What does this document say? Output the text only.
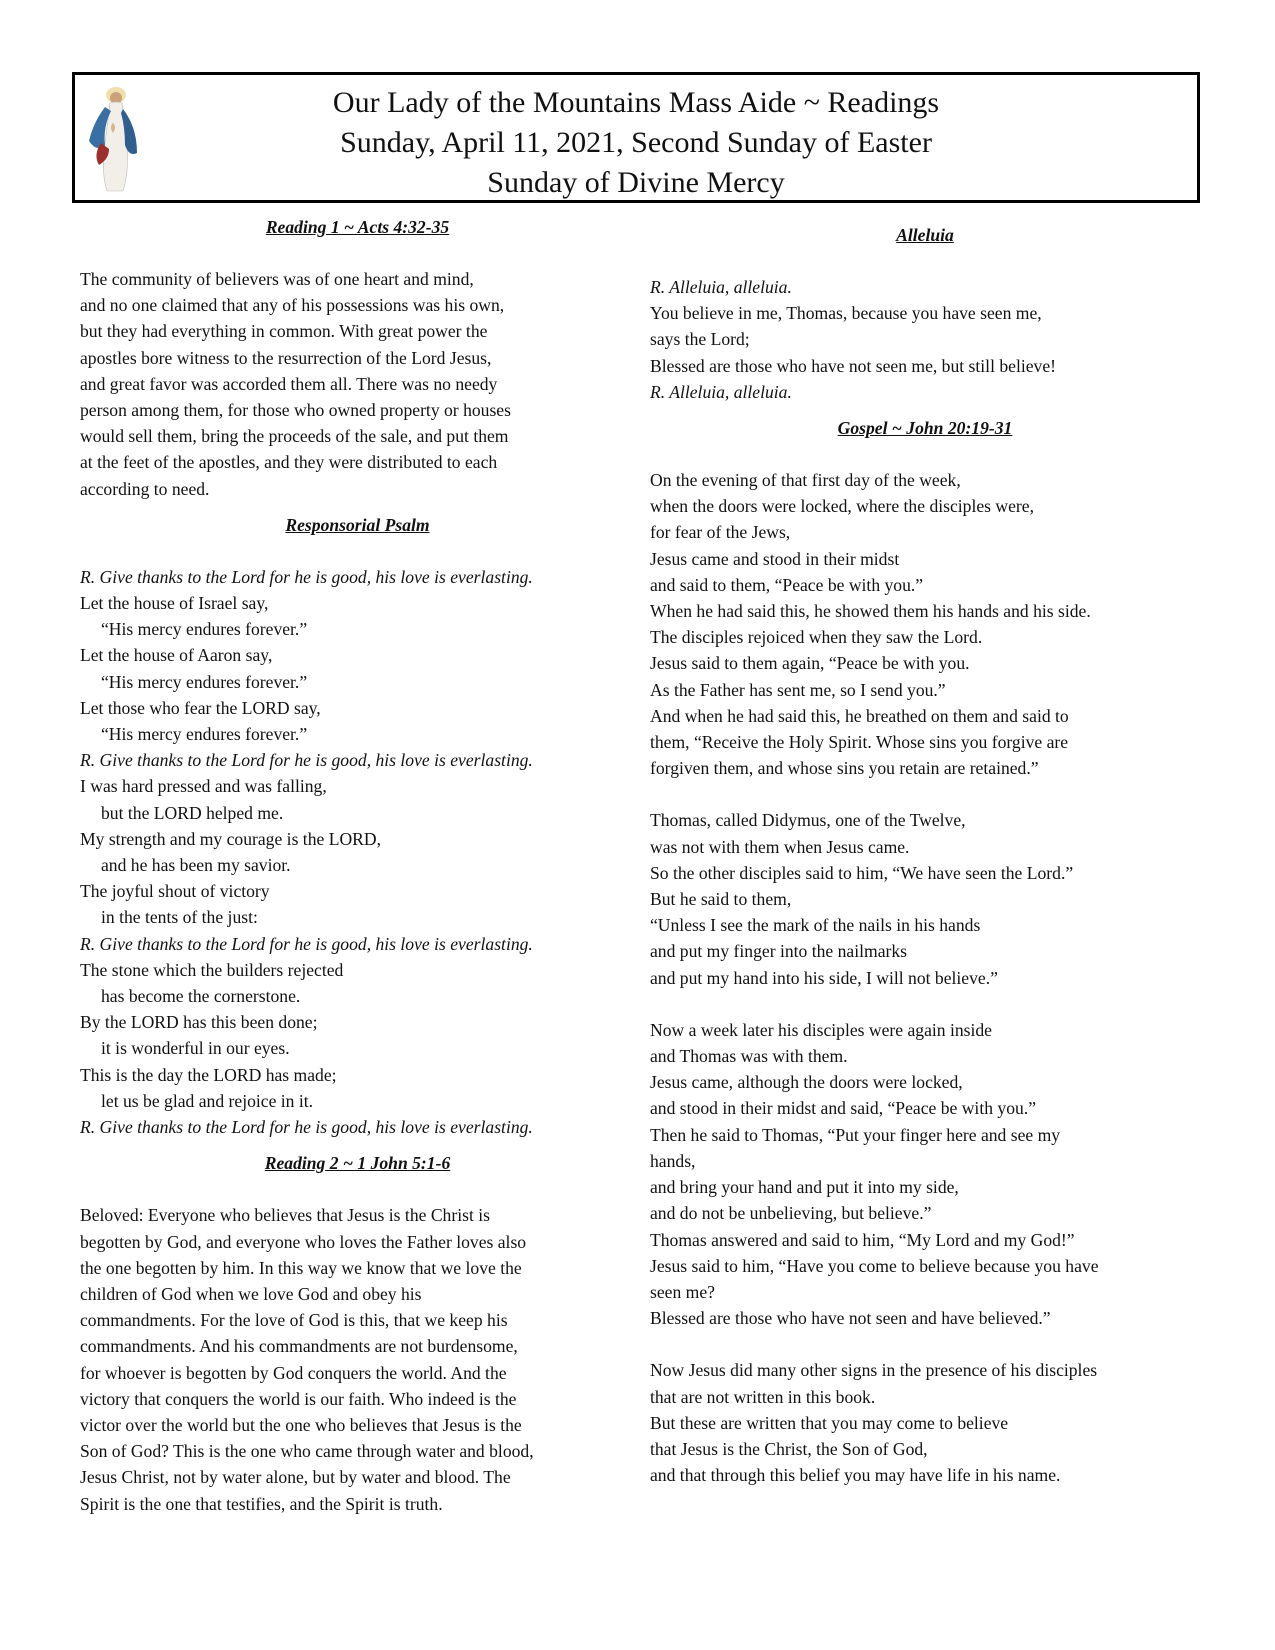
Our Lady of the Mountains Mass Aide ~ Readings
Sunday, April 11, 2021, Second Sunday of Easter
Sunday of Divine Mercy
Reading 1 ~ Acts 4:32-35
The community of believers was of one heart and mind,
and no one claimed that any of his possessions was his own,
but they had everything in common. With great power the
apostles bore witness to the resurrection of the Lord Jesus,
and great favor was accorded them all. There was no needy
person among them, for those who owned property or houses
would sell them, bring the proceeds of the sale, and put them
at the feet of the apostles, and they were distributed to each
according to need.
Responsorial Psalm
R. Give thanks to the Lord for he is good, his love is everlasting.
Let the house of Israel say,
“His mercy endures forever.”
Let the house of Aaron say,
“His mercy endures forever.”
Let those who fear the LORD say,
“His mercy endures forever.”
R. Give thanks to the Lord for he is good, his love is everlasting.
I was hard pressed and was falling,
but the LORD helped me.
My strength and my courage is the LORD,
and he has been my savior.
The joyful shout of victory
in the tents of the just:
R. Give thanks to the Lord for he is good, his love is everlasting.
The stone which the builders rejected
has become the cornerstone.
By the LORD has this been done;
it is wonderful in our eyes.
This is the day the LORD has made;
let us be glad and rejoice in it.
R. Give thanks to the Lord for he is good, his love is everlasting.
Reading 2 ~ 1 John 5:1-6
Beloved: Everyone who believes that Jesus is the Christ is
begotten by God, and everyone who loves the Father loves also
the one begotten by him. In this way we know that we love the
children of God when we love God and obey his
commandments. For the love of God is this, that we keep his
commandments. And his commandments are not burdensome,
for whoever is begotten by God conquers the world. And the
victory that conquers the world is our faith. Who indeed is the
victor over the world but the one who believes that Jesus is the
Son of God? This is the one who came through water and blood,
Jesus Christ, not by water alone, but by water and blood. The
Spirit is the one that testifies, and the Spirit is truth.
Alleluia
R. Alleluia, alleluia.
You believe in me, Thomas, because you have seen me,
says the Lord;
Blessed are those who have not seen me, but still believe!
R. Alleluia, alleluia.
Gospel ~ John 20:19-31
On the evening of that first day of the week,
when the doors were locked, where the disciples were,
for fear of the Jews,
Jesus came and stood in their midst
and said to them, “Peace be with you.”
When he had said this, he showed them his hands and his side.
The disciples rejoiced when they saw the Lord.
Jesus said to them again, “Peace be with you.
As the Father has sent me, so I send you.”
And when he had said this, he breathed on them and said to
them, “Receive the Holy Spirit. Whose sins you forgive are
forgiven them, and whose sins you retain are retained.”
Thomas, called Didymus, one of the Twelve,
was not with them when Jesus came.
So the other disciples said to him, “We have seen the Lord.”
But he said to them,
“Unless I see the mark of the nails in his hands
and put my finger into the nailmarks
and put my hand into his side, I will not believe.”
Now a week later his disciples were again inside
and Thomas was with them.
Jesus came, although the doors were locked,
and stood in their midst and said, “Peace be with you.”
Then he said to Thomas, “Put your finger here and see my
hands,
and bring your hand and put it into my side,
and do not be unbelieving, but believe.”
Thomas answered and said to him, “My Lord and my God!”
Jesus said to him, “Have you come to believe because you have
seen me?
Blessed are those who have not seen and have believed.”
Now Jesus did many other signs in the presence of his disciples
that are not written in this book.
But these are written that you may come to believe
that Jesus is the Christ, the Son of God,
and that through this belief you may have life in his name.
